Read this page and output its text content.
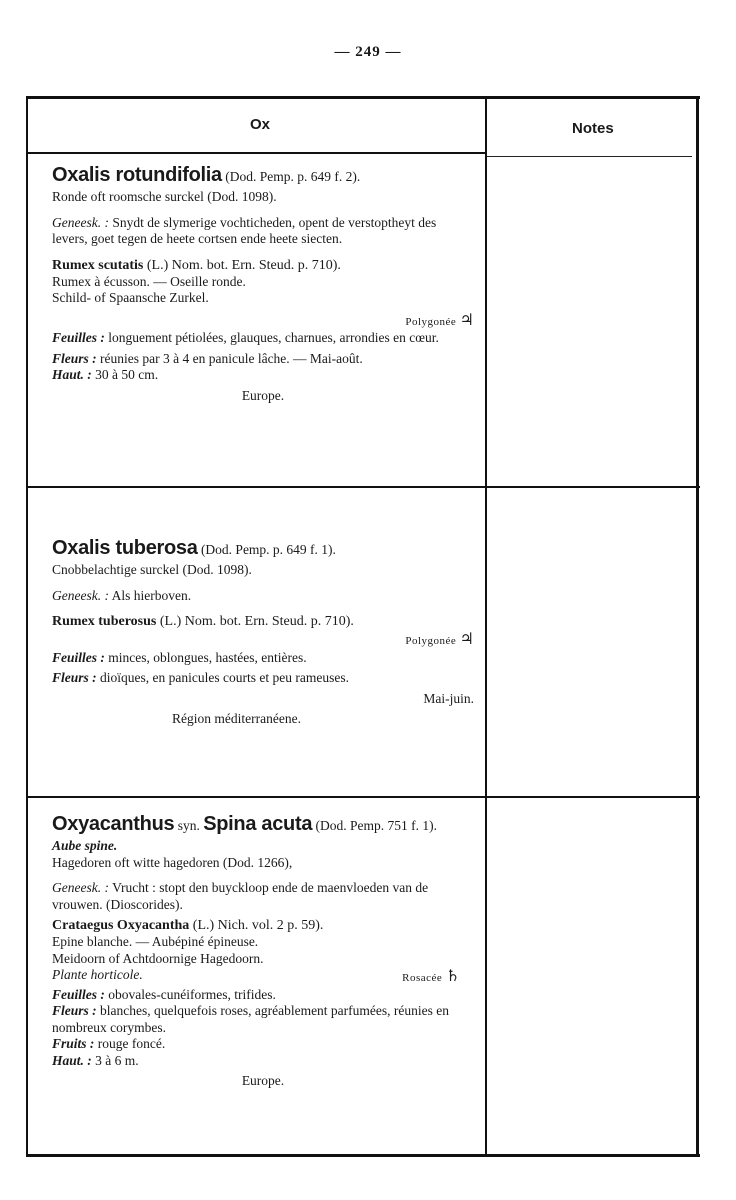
— 249 —
Ox	Notes

Oxalis rotundifolia (Dod. Pemp. p. 649 f. 2).

Ronde oft roomsche surckel (Dod. 1098).

Geneesk. : Snydt de slymerige vochticheden, opent de verstoptheyt des levers, goet tegen de heete cortsen ende heete siecten.

Rumex scutatis (L.) Nom. bot. Ern. Steud. p. 710).

Rumex à écusson. — Oseille ronde.

Schild- of Spaansche Zurkel.

Polygonée ♃

Feuilles : longuement pétiolées, glauques, charnues, arrondies en cœur.

Fleurs : réunies par 3 à 4 en panicule lâche. — Mai-août.

Haut. : 30 à 50 cm.

Europe.

Oxalis tuberosa (Dod. Pemp. p. 649 f. 1).

Cnobbelachtige surckel (Dod. 1098).

Geneesk. : Als hierboven.

Rumex tuberosus (L.) Nom. bot. Ern. Steud. p. 710).

Polygonée ♃

Feuilles : minces, oblongues, hastées, entières.

Fleurs : dioïques, en panicules courts et peu rameuses.

Mai-juin.

Région méditerranéene.

Oxyacanthus syn. Spina acuta (Dod. Pemp. 751 f. 1).

Aube spine.

Hagedoren oft witte hagedoren (Dod. 1266),

Geneesk. : Vrucht : stopt den buyckloop ende de maenvloeden van de vrouwen. (Dioscorides).

Crataegus Oxyacantha (L.) Nich. vol. 2 p. 59).

Epine blanche. — Aubépiné épineuse.

Meidoorn of Achtdoornige Hagedoorn.

Plante horticole.	Rosacée ♄

Feuilles : obovales-cunéiformes, trifides.

Fleurs : blanches, quelquefois roses, agréablement parfumées, réunies en nombreux corymbes.

Fruits : rouge foncé.

Haut. : 3 à 6 m.

Europe.
